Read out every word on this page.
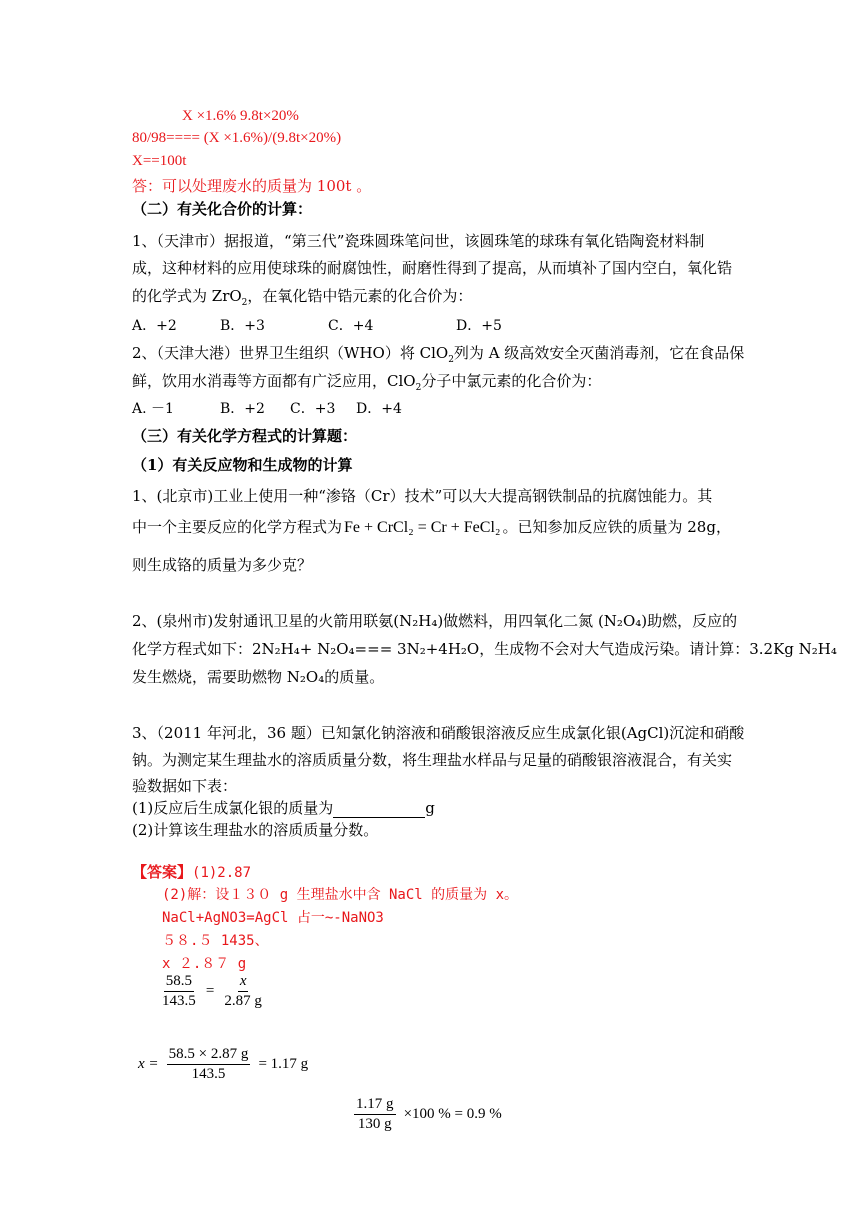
X ×1.6% 9.8t×20%
80/98==== (X ×1.6%)/(9.8t×20%)
X==100t
答：可以处理废水的质量为 100t 。
（二）有关化合价的计算：
1、（天津市）据报道，“第三代”瓷珠圆珠笔问世，该圆珠笔的球珠有氧化锆陶瓷材料制
成，这种材料的应用使球珠的耐腐蚀性，耐磨性得到了提高，从而填补了国内空白，氧化锆
的化学式为 ZrO$_2$，在氧化锆中锆元素的化合价为：
A．+2	B．+3	C．+4	D．+5
2、（天津大港）世界卫生组织（WHO）将 ClO$_2$列为 A 级高效安全灭菌消毒剂，它在食品保
鲜，饮用水消毒等方面都有广泛应用，ClO$_2$分子中氯元素的化合价为：
A. －1	B．+2 C．+3 D．+4
（三）有关化学方程式的计算题：
（1）有关反应物和生成物的计算
1、(北京市)工业上使用一种“渗铬（Cr）技术”可以大大提高钢铁制品的抗腐蚀能力。其
中一个主要反应的化学方程式为 Fe + CrCl₂ = Cr + FeCl₂ 。已知参加反应铁的质量为 28g，
则生成铬的质量为多少克？
2、(泉州市)发射通讯卫星的火箭用联氨(N₂H₄)做燃料，用四氧化二氮 (N₂O₄)助燃，反应的
化学方程式如下：2N₂H₄+ N₂O₄=== 3N₂+4H₂O，生成物不会对大气造成污染。请计算：3.2Kg N₂H₄
发生燃烧，需要助燃物 N₂O₄的质量。
3、（2011 年河北，36 题）已知氯化钠溶液和硝酸银溶液反应生成氯化银(AgCl)沉淀和硝酸
钠。为测定某生理盐水的溶质质量分数，将生理盐水样品与足量的硝酸银溶液混合，有关实
验数据如下表：
(1)反应后生成氯化银的质量为	g
(2)计算该生理盐水的溶质质量分数。
【答案】(1)2.87
(2)解：设１３０ g 生理盐水中含 NaCl 的质量为 x。
NaCl+AgNO3=AgCl 占一~-NaNO3
５８.５ 1435、
x ２.８７ g
$\frac{58.5}{143.5} = \frac{x}{2.87 g}$
$x = \frac{58.5 \times 2.87 g}{143.5} = 1.17$ g
$\frac{1.17 g}{130 g} \times 100$ % = 0.9 %
